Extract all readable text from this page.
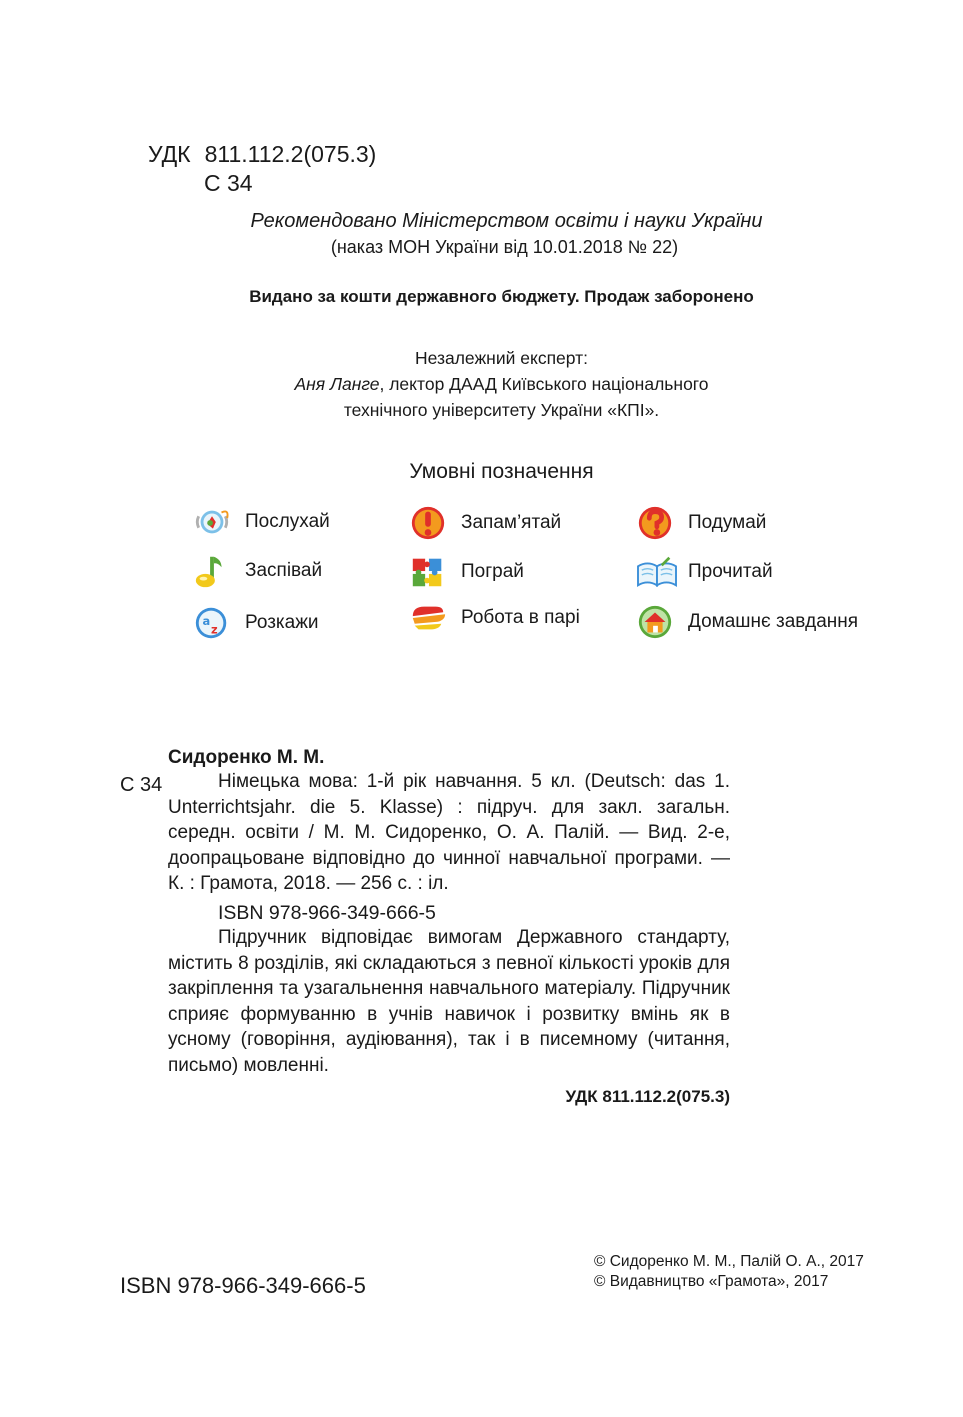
УДК 811.112.2(075.3)
С 34
Рекомендовано Міністерством освіти і науки України
(наказ МОН України від 10.01.2018 № 22)
Видано за кошти державного бюджету. Продаж заборонено
Незалежний експерт:
Аня Ланге, лектор ДААД Київського національного
технічного університету України «КПІ».
Умовні позначення
Послухай	Запам’ятай	Подумай
Заспівай	Пограй	Прочитай
a
z Розкажи	Робота в парі	Домашнє завдання
Сидоренко М. М.
С 34	Німецька мова: 1-й рік навчання. 5 кл. (Deutsch: das 1. Unterrichtsjahr. die 5. Klasse) : підруч. для закл. загальн. середн. освіти / М. М. Сидоренко, О. А. Палій. — Вид. 2-е, доопрацьоване відповідно до чинної навчальної програми. — К. : Грамота, 2018. — 256 с. : іл.
ISBN 978-966-349-666-5
Підручник відповідає вимогам Державного стандарту, містить 8 розділів, які складаються з певної кількості уроків для закріплення та узагальнення навчального матеріалу. Підручник сприяє формуванню в учнів навичок і розвитку вмінь як в усному (говоріння, аудіювання), так і в писемному (читання, письмо) мовленні.
УДК 811.112.2(075.3)
ISBN 978-966-349-666-5
© Сидоренко М. М., Палій О. А., 2017
© Видавництво «Грамота», 2017
